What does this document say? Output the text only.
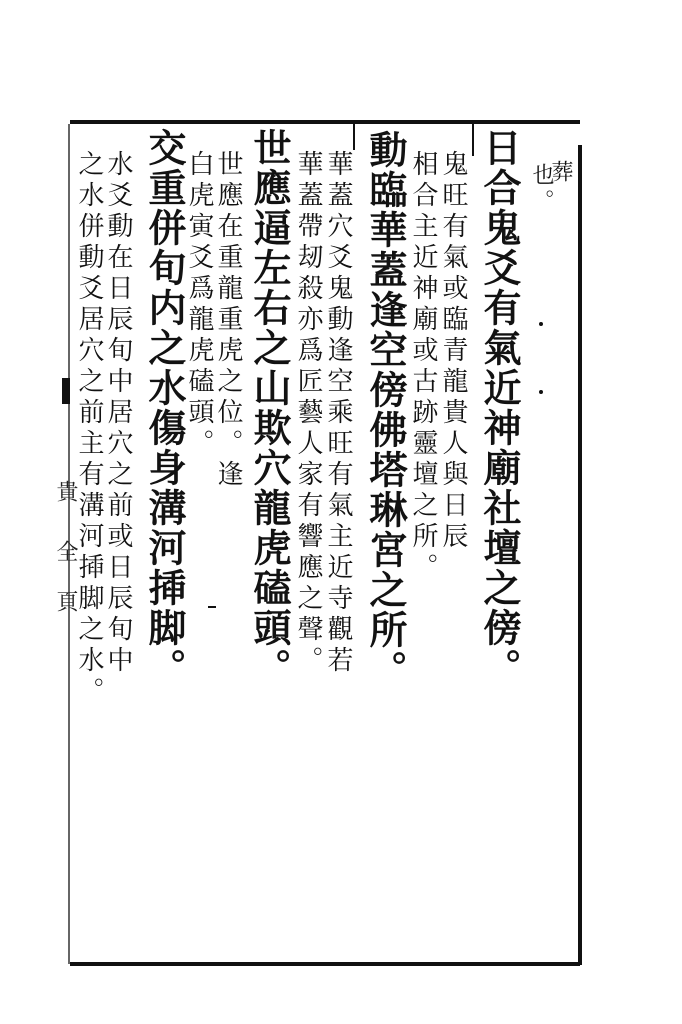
葬
也。
日合鬼爻有氣近神廟社壇之傍。
鬼旺有氣或臨青龍貴人與日辰
相合主近神廟或古跡靈壇之所。
動臨華蓋逢空傍佛塔琳宮之所。
華蓋穴爻鬼動逢空乘旺有氣主近寺觀若
華蓋帶刼殺亦爲匠藝人家有響應之聲。
世應逼左右之山欺穴龍虎磕頭。
世應在重龍重虎之位。逢
白虎寅爻爲龍虎磕頭。
交重併旬内之水傷身溝河揷脚。
水爻動在日辰旬中居穴之前或日辰旬中
之水併動爻居穴之前主有溝河揷脚之水。
貴
全
頁
